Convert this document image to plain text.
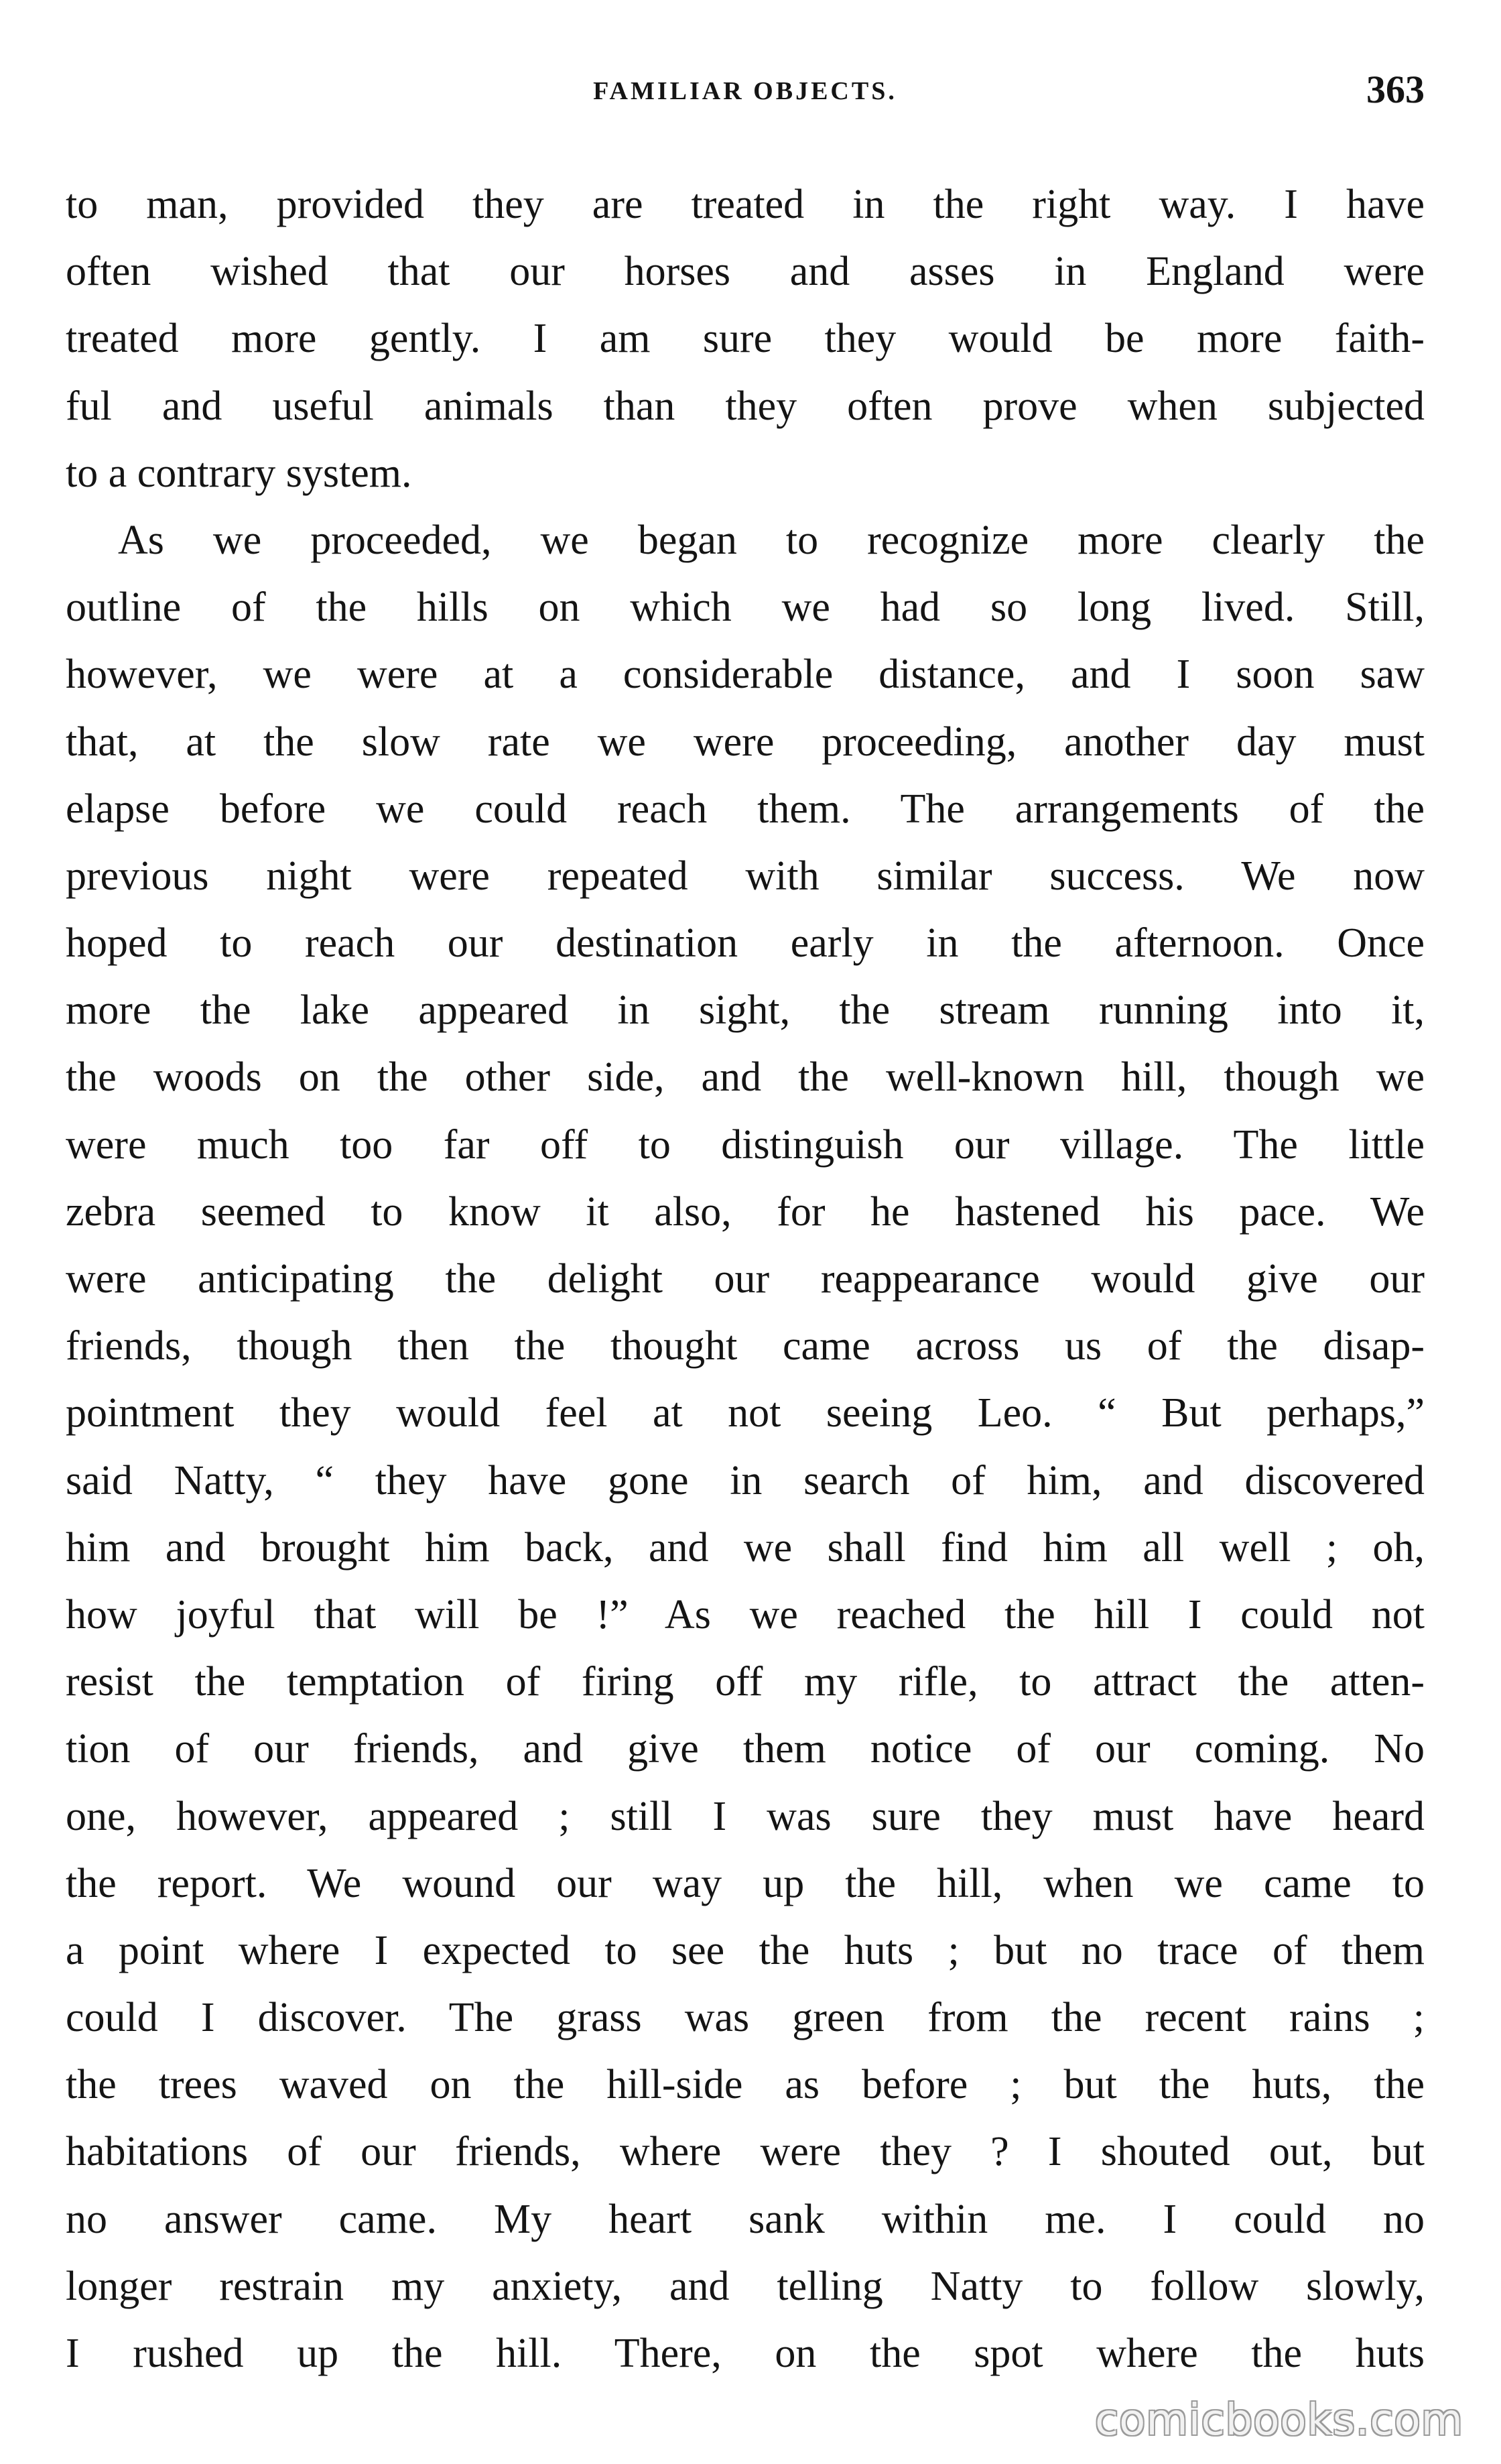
FAMILIAR OBJECTS.	363
to man, provided they are treated in the right way. I have
often wished that our horses and asses in England were
treated more gently. I am sure they would be more faith-
ful and useful animals than they often prove when subjected
to a contrary system.
As we proceeded, we began to recognize more clearly the
outline of the hills on which we had so long lived. Still,
however, we were at a considerable distance, and I soon saw
that, at the slow rate we were proceeding, another day must
elapse before we could reach them. The arrangements of the
previous night were repeated with similar success. We now
hoped to reach our destination early in the afternoon. Once
more the lake appeared in sight, the stream running into it,
the woods on the other side, and the well-known hill, though we
were much too far off to distinguish our village. The little
zebra seemed to know it also, for he hastened his pace. We
were anticipating the delight our reappearance would give our
friends, though then the thought came across us of the disap-
pointment they would feel at not seeing Leo. “ But perhaps,”
said Natty, “ they have gone in search of him, and discovered
him and brought him back, and we shall find him all well ; oh,
how joyful that will be !” As we reached the hill I could not
resist the temptation of firing off my rifle, to attract the atten-
tion of our friends, and give them notice of our coming. No
one, however, appeared ; still I was sure they must have heard
the report. We wound our way up the hill, when we came to
a point where I expected to see the huts ; but no trace of them
could I discover. The grass was green from the recent rains ;
the trees waved on the hill-side as before ; but the huts, the
habitations of our friends, where were they ? I shouted out, but
no answer came. My heart sank within me. I could no
longer restrain my anxiety, and telling Natty to follow slowly,
I rushed up the hill. There, on the spot where the huts
comicbooks.com
